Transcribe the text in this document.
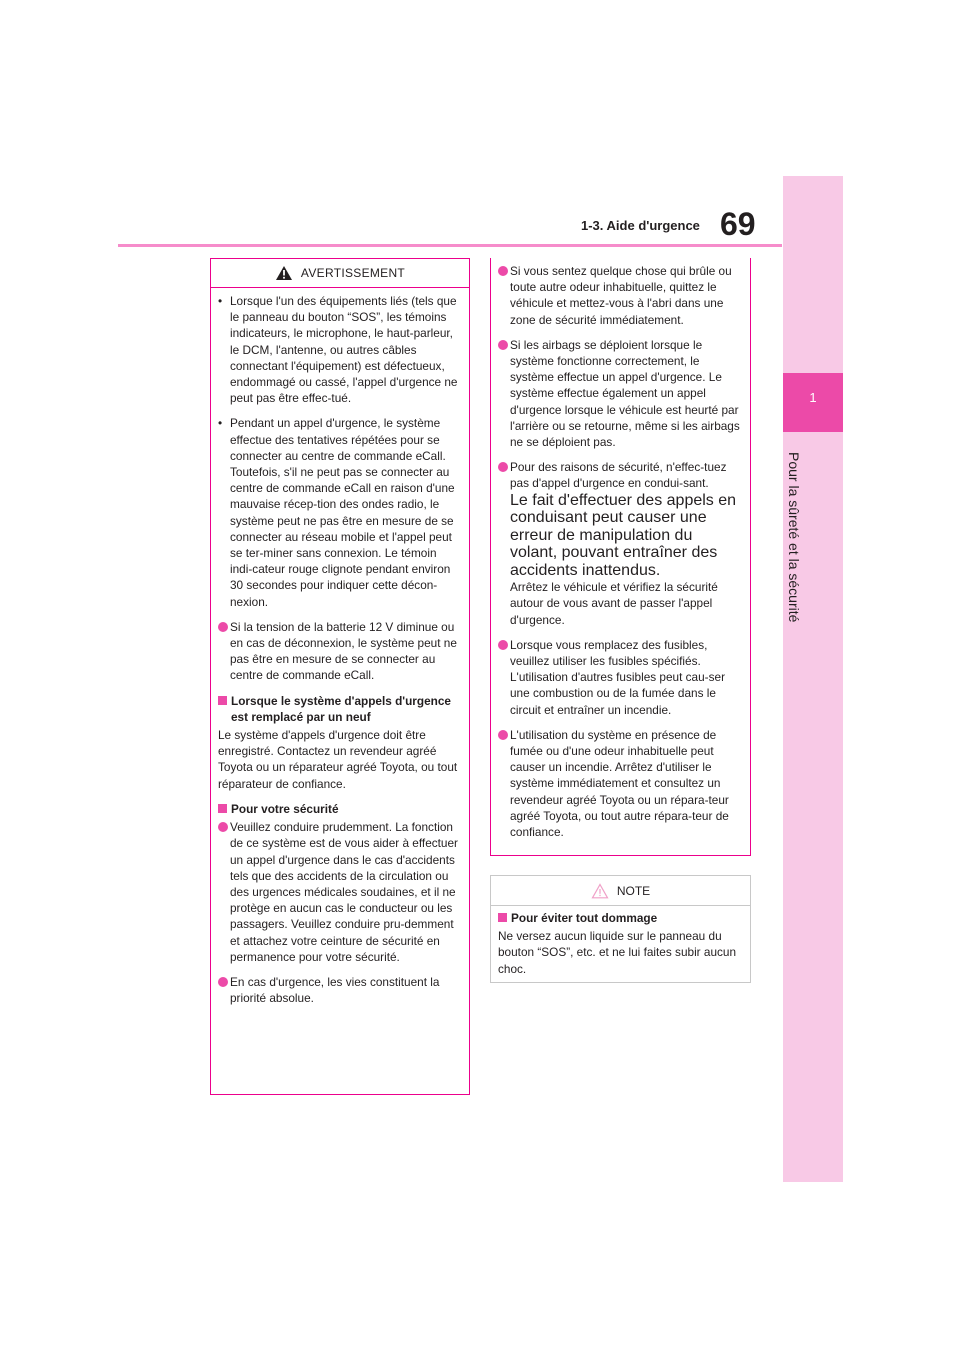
1
Pour la sûreté et la sécurité
1-3. Aide d'urgence 69
AVERTISSEMENT
• Lorsque l'un des équipements liés (tels que le panneau du bouton “SOS”, les témoins indicateurs, le microphone, le haut-parleur, le DCM, l'antenne, ou autres câbles connectant l'équipement) est défectueux, endommagé ou cassé, l'appel d'urgence ne peut pas être effec-tué.
• Pendant un appel d'urgence, le système effectue des tentatives répétées pour se connecter au centre de commande eCall. Toutefois, s'il ne peut pas se connecter au centre de commande eCall en raison d'une mauvaise récep-tion des ondes radio, le système peut ne pas être en mesure de se connecter au réseau mobile et l'appel peut se ter-miner sans connexion. Le témoin indi-cateur rouge clignote pendant environ 30 secondes pour indiquer cette décon-nexion.
Si la tension de la batterie 12 V diminue ou en cas de déconnexion, le système peut ne pas être en mesure de se connecter au centre de commande eCall.
Lorsque le système d'appels d'urgence est remplacé par un neuf
Le système d'appels d'urgence doit être enregistré. Contactez un revendeur agréé Toyota ou un réparateur agréé Toyota, ou tout réparateur de confiance.
Pour votre sécurité
Veuillez conduire prudemment. La fonction de ce système est de vous aider à effectuer un appel d'urgence dans le cas d'accidents tels que des accidents de la circulation ou des urgences médicales soudaines, et il ne protège en aucun cas le conducteur ou les passagers. Veuillez conduire pru-demment et attachez votre ceinture de sécurité en permanence pour votre sécurité.
En cas d'urgence, les vies constituent la priorité absolue.
Si vous sentez quelque chose qui brûle ou toute autre odeur inhabituelle, quittez le véhicule et mettez-vous à l'abri dans une zone de sécurité immédiatement.
Si les airbags se déploient lorsque le système fonctionne correctement, le système effectue un appel d'urgence. Le système effectue également un appel d'urgence lorsque le véhicule est heurté par l'arrière ou se retourne, même si les airbags ne se déploient pas.
Pour des raisons de sécurité, n'effec-tuez pas d'appel d'urgence en condui-sant.
Le fait d'effectuer des appels en conduisant peut causer une erreur de manipulation du volant, pouvant entraîner des accidents inattendus.
Arrêtez le véhicule et vérifiez la sécurité autour de vous avant de passer l'appel d'urgence.
Lorsque vous remplacez des fusibles, veuillez utiliser les fusibles spécifiés. L'utilisation d'autres fusibles peut cau-ser une combustion ou de la fumée dans le circuit et entraîner un incendie.
L'utilisation du système en présence de fumée ou d'une odeur inhabituelle peut causer un incendie. Arrêtez d'utiliser le système immédiatement et consultez un revendeur agréé Toyota ou un répara-teur agréé Toyota, ou tout autre répara-teur de confiance.
NOTE
Pour éviter tout dommage
Ne versez aucun liquide sur le panneau du bouton “SOS”, etc. et ne lui faites subir aucun choc.
